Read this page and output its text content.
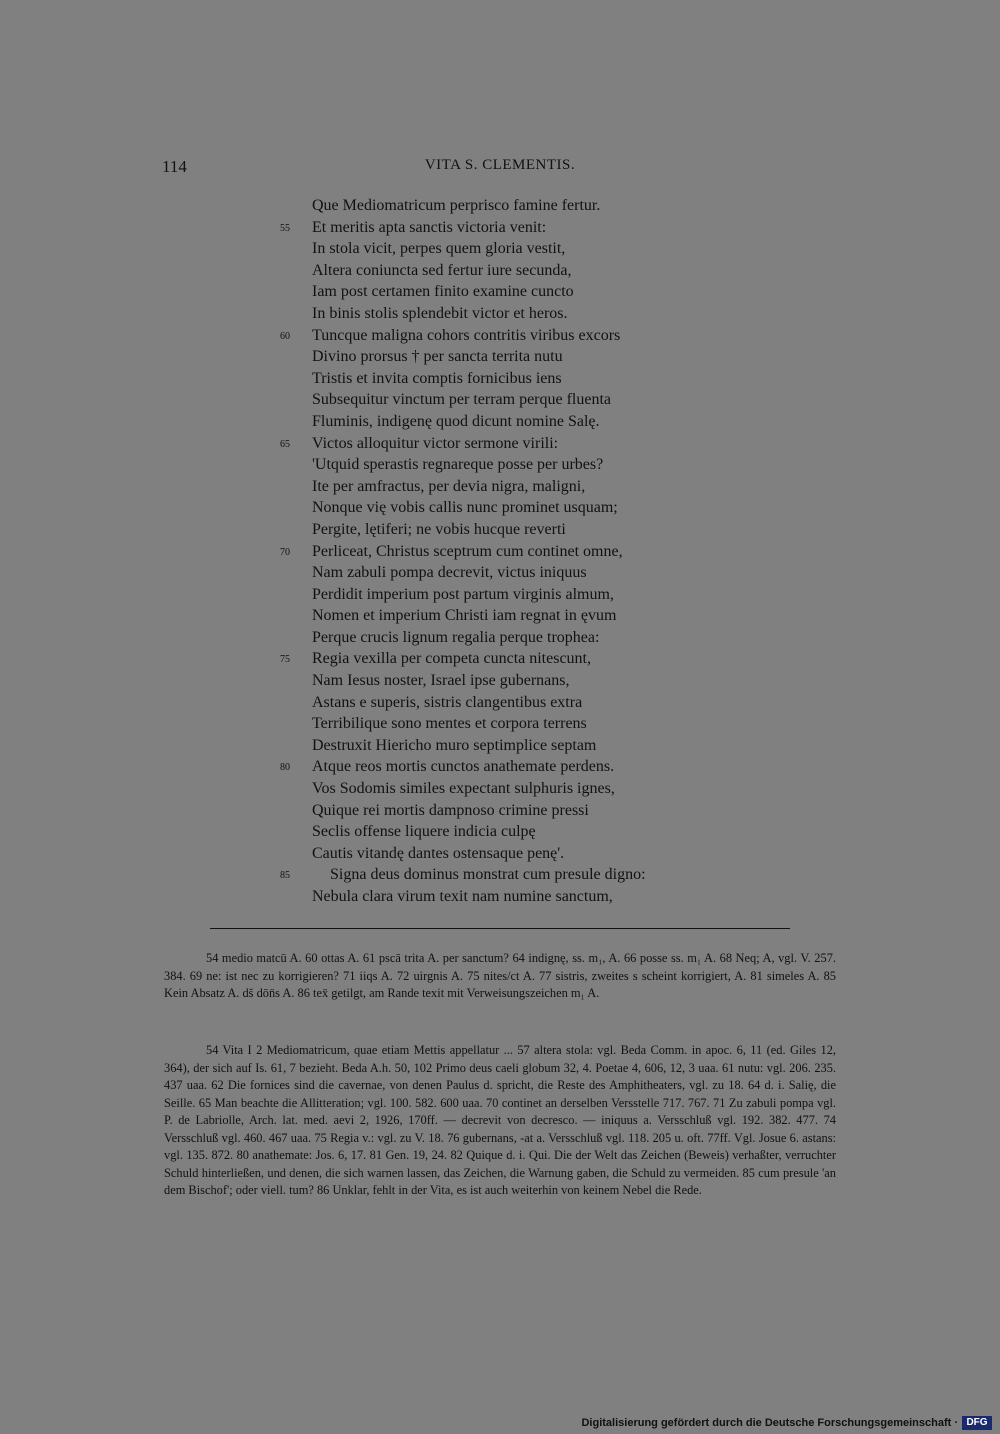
114	VITA S. CLEMENTIS.
Que Mediomatricum perprisco famine fertur.
55 Et meritis apta sanctis victoria venit:
In stola vicit, perpes quem gloria vestit,
Altera coniuncta sed fertur iure secunda,
Iam post certamen finito examine cuncto
In binis stolis splendebit victor et heros.
60 Tuncque maligna cohors contritis viribus excors
Divino prorsus † per sancta territa nutu
Tristis et invita comptis fornicibus iens
Subsequitur vinctum per terram perque fluenta
Fluminis, indigenę quod dicunt nomine Salę.
65 Victos alloquitur victor sermone virili:
'Utquid sperastis regnareque posse per urbes?
Ite per amfractus, per devia nigra, maligni,
Nonque vię vobis callis nunc prominet usquam;
Pergite, lętiferi; ne vobis hucque reverti
70 Perliceat, Christus sceptrum cum continet omne,
Nam zabuli pompa decrevit, victus iniquus
Perdidit imperium post partum virginis almum,
Nomen et imperium Christi iam regnat in ęvum
Perque crucis lignum regalia perque trophea:
75 Regia vexilla per competa cuncta nitescunt,
Nam Iesus noster, Israel ipse gubernans,
Astans e superis, sistris clangentibus extra
Terribilique sono mentes et corpora terrens
Destruxit Hiericho muro septimplice septam
80 Atque reos mortis cunctos anathemate perdens.
Vos Sodomis similes expectant sulphuris ignes,
Quique rei mortis dampnoso crimine pressi
Seclis offense liquere indicia culpę
Cautis vitandę dantes ostensaque penę'.
85	Signa deus dominus monstrat cum presule digno:
Nebula clara virum texit nam numine sanctum,

54 medio matcū A. 60 ottas A. 61 pscā trita A. per sanctum? 64 indignę, ss. m₁, A. 66 posse ss. m₁ A. 68 Neq; A, vgl. V. 257. 384. 69 ne: ist nec zu korrigieren? 71 iiqs A. 72 uirgnis A. 75 nites/ct A. 77 sistris, zweites s scheint korrigiert, A. 81 simeles A. 85 Kein Absatz A. dš dōn̄s A. 86 tex̄ getilgt, am Rande texit mit Verweisungszeichen m₁ A.

54 Vita I 2 Mediomatricum, quae etiam Mettis appellatur ... 57 altera stola: vgl. Beda Comm. in apoc. 6, 11 (ed. Giles 12, 364), der sich auf Is. 61, 7 bezieht. Beda A.h. 50, 102 Primo deus caeli globum 32, 4. Poetae 4, 606, 12, 3 uaa. 61 nutu: vgl. 206. 235. 437 uaa. 62 Die fornices sind die cavernae, von denen Paulus d. spricht, die Reste des Amphitheaters, vgl. zu 18. 64 d. i. Salię, die Seille. 65 Man beachte die Allitteration; vgl. 100. 582. 600 uaa. 70 continet an derselben Versstelle 717. 767. 71 Zu zabuli pompa vgl. P. de Labriolle, Arch. lat. med. aevi 2, 1926, 170ff. — decrevit von decresco. — iniquus a. Versschluß vgl. 192. 382. 477. 74 Versschluß vgl. 460. 467 uaa. 75 Regia v.: vgl. zu V. 18. 76 gubernans, -at a. Versschluß vgl. 118. 205 u. oft. 77ff. Vgl. Josue 6. astans: vgl. 135. 872. 80 anathemate: Jos. 6, 17. 81 Gen. 19, 24. 82 Quique d. i. Qui. Die der Welt das Zeichen (Beweis) verhaßter, verruchter Schuld hinterließen, und denen, die sich warnen lassen, das Zeichen, die Warnung gaben, die Schuld zu vermeiden. 85 cum presule 'an dem Bischof'; oder viell. tum? 86 Unklar, fehlt in der Vita, es ist auch weiterhin von keinem Nebel die Rede.

Digitalisierung gefördert durch die Deutsche Forschungsgemeinschaft · DFG
